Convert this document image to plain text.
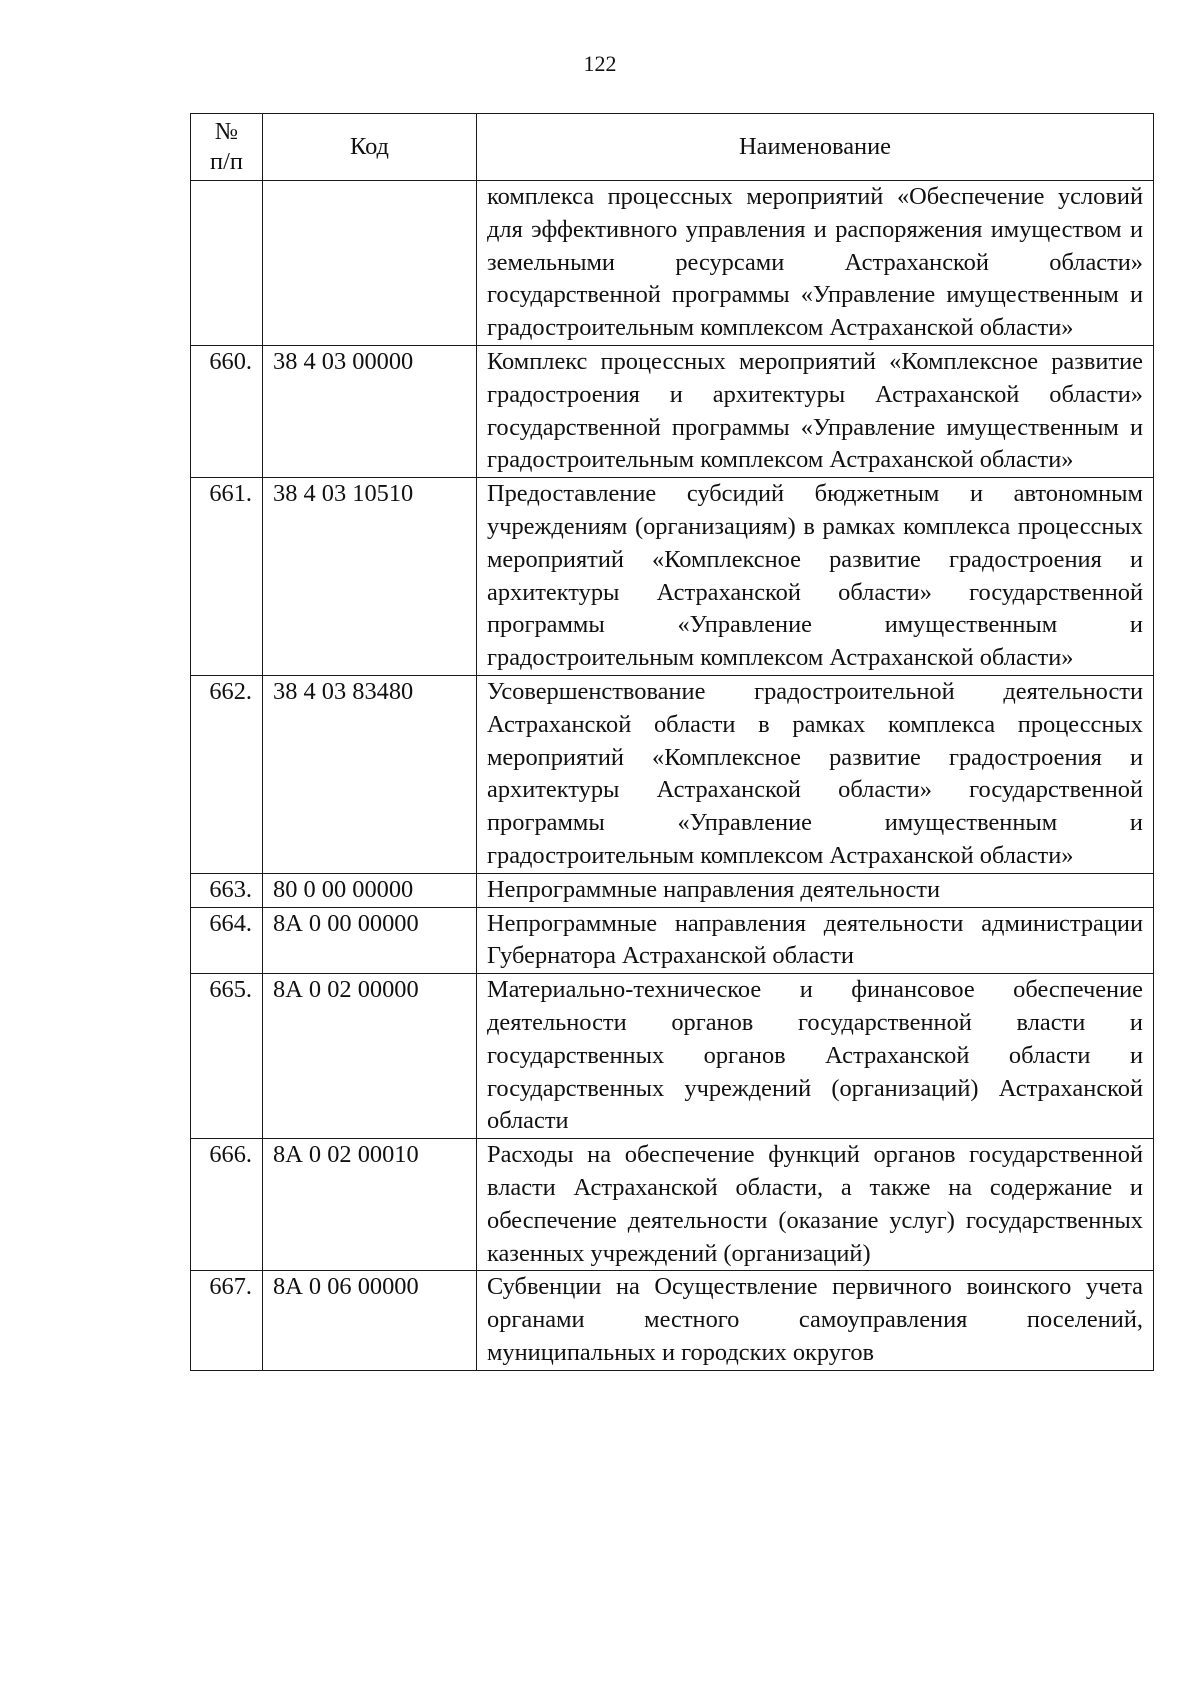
122
№
п/п	Код	Наименование
		комплекса процессных мероприятий «Обеспечение условий для эффективного управления и распоряжения имуществом и земельными ресурсами Астраханской области» государственной программы «Управление имущественным и градостроительным комплексом Астраханской области»
660.	38 4 03 00000	Комплекс процессных мероприятий «Комплексное развитие градостроения и архитектуры Астраханской области» государственной программы «Управление имущественным и градостроительным комплексом Астраханской области»
661.	38 4 03 10510	Предоставление субсидий бюджетным и автономным учреждениям (организациям) в рамках комплекса процессных мероприятий «Комплексное развитие градостроения и архитектуры Астраханской области» государственной программы «Управление имущественным и градостроительным комплексом Астраханской области»
662.	38 4 03 83480	Усовершенствование градостроительной деятельности Астраханской области в рамках комплекса процессных мероприятий «Комплексное развитие градостроения и архитектуры Астраханской области» государственной программы «Управление имущественным и градостроительным комплексом Астраханской области»
663.	80 0 00 00000	Непрограммные направления деятельности
664.	8А 0 00 00000	Непрограммные направления деятельности администрации Губернатора Астраханской области
665.	8А 0 02 00000	Материально-техническое и финансовое обеспечение деятельности органов государственной власти и государственных органов Астраханской области и государственных учреждений (организаций) Астраханской области
666.	8А 0 02 00010	Расходы на обеспечение функций органов государственной власти Астраханской области, а также на содержание и обеспечение деятельности (оказание услуг) государственных казенных учреждений (организаций)
667.	8А 0 06 00000	Субвенции на Осуществление первичного воинского учета органами местного самоуправления поселений, муниципальных и городских округов
